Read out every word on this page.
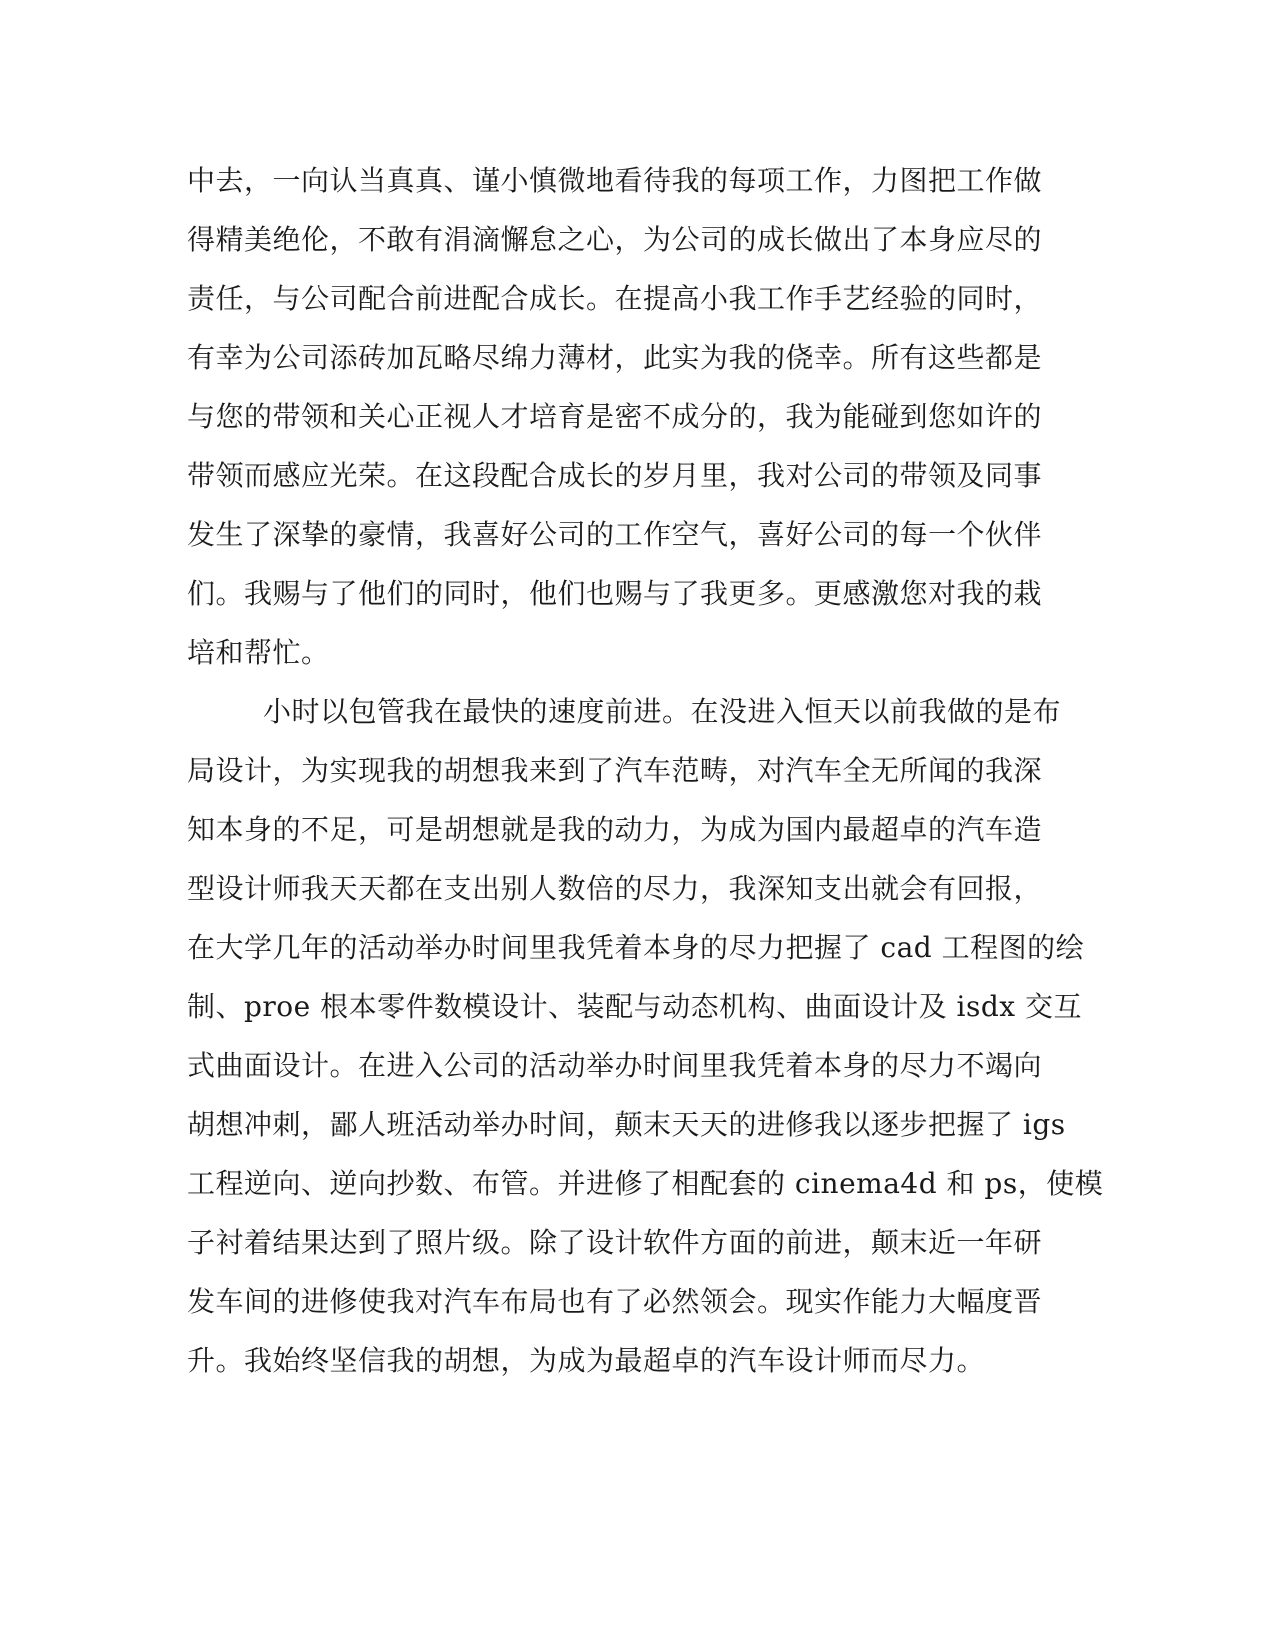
中去，一向认当真真、谨小慎微地看待我的每项工作，力图把工作做
得精美绝伦，不敢有涓滴懈怠之心，为公司的成长做出了本身应尽的
责任，与公司配合前进配合成长。在提高小我工作手艺经验的同时，
有幸为公司添砖加瓦略尽绵力薄材，此实为我的侥幸。所有这些都是
与您的带领和关心正视人才培育是密不成分的，我为能碰到您如许的
带领而感应光荣。在这段配合成长的岁月里，我对公司的带领及同事
发生了深挚的豪情，我喜好公司的工作空气，喜好公司的每一个伙伴
们。我赐与了他们的同时，他们也赐与了我更多。更感激您对我的栽
培和帮忙。
小时以包管我在最快的速度前进。在没进入恒天以前我做的是布
局设计，为实现我的胡想我来到了汽车范畴，对汽车全无所闻的我深
知本身的不足，可是胡想就是我的动力，为成为国内最超卓的汽车造
型设计师我天天都在支出别人数倍的尽力，我深知支出就会有回报，
在大学几年的活动举办时间里我凭着本身的尽力把握了 cad 工程图的绘
制、proe 根本零件数模设计、装配与动态机构、曲面设计及 isdx 交互
式曲面设计。在进入公司的活动举办时间里我凭着本身的尽力不竭向
胡想冲刺，鄙人班活动举办时间，颠末天天的进修我以逐步把握了 igs
工程逆向、逆向抄数、布管。并进修了相配套的 cinema4d 和 ps，使模
子衬着结果达到了照片级。除了设计软件方面的前进，颠末近一年研
发车间的进修使我对汽车布局也有了必然领会。现实作能力大幅度晋
升。我始终坚信我的胡想，为成为最超卓的汽车设计师而尽力。
